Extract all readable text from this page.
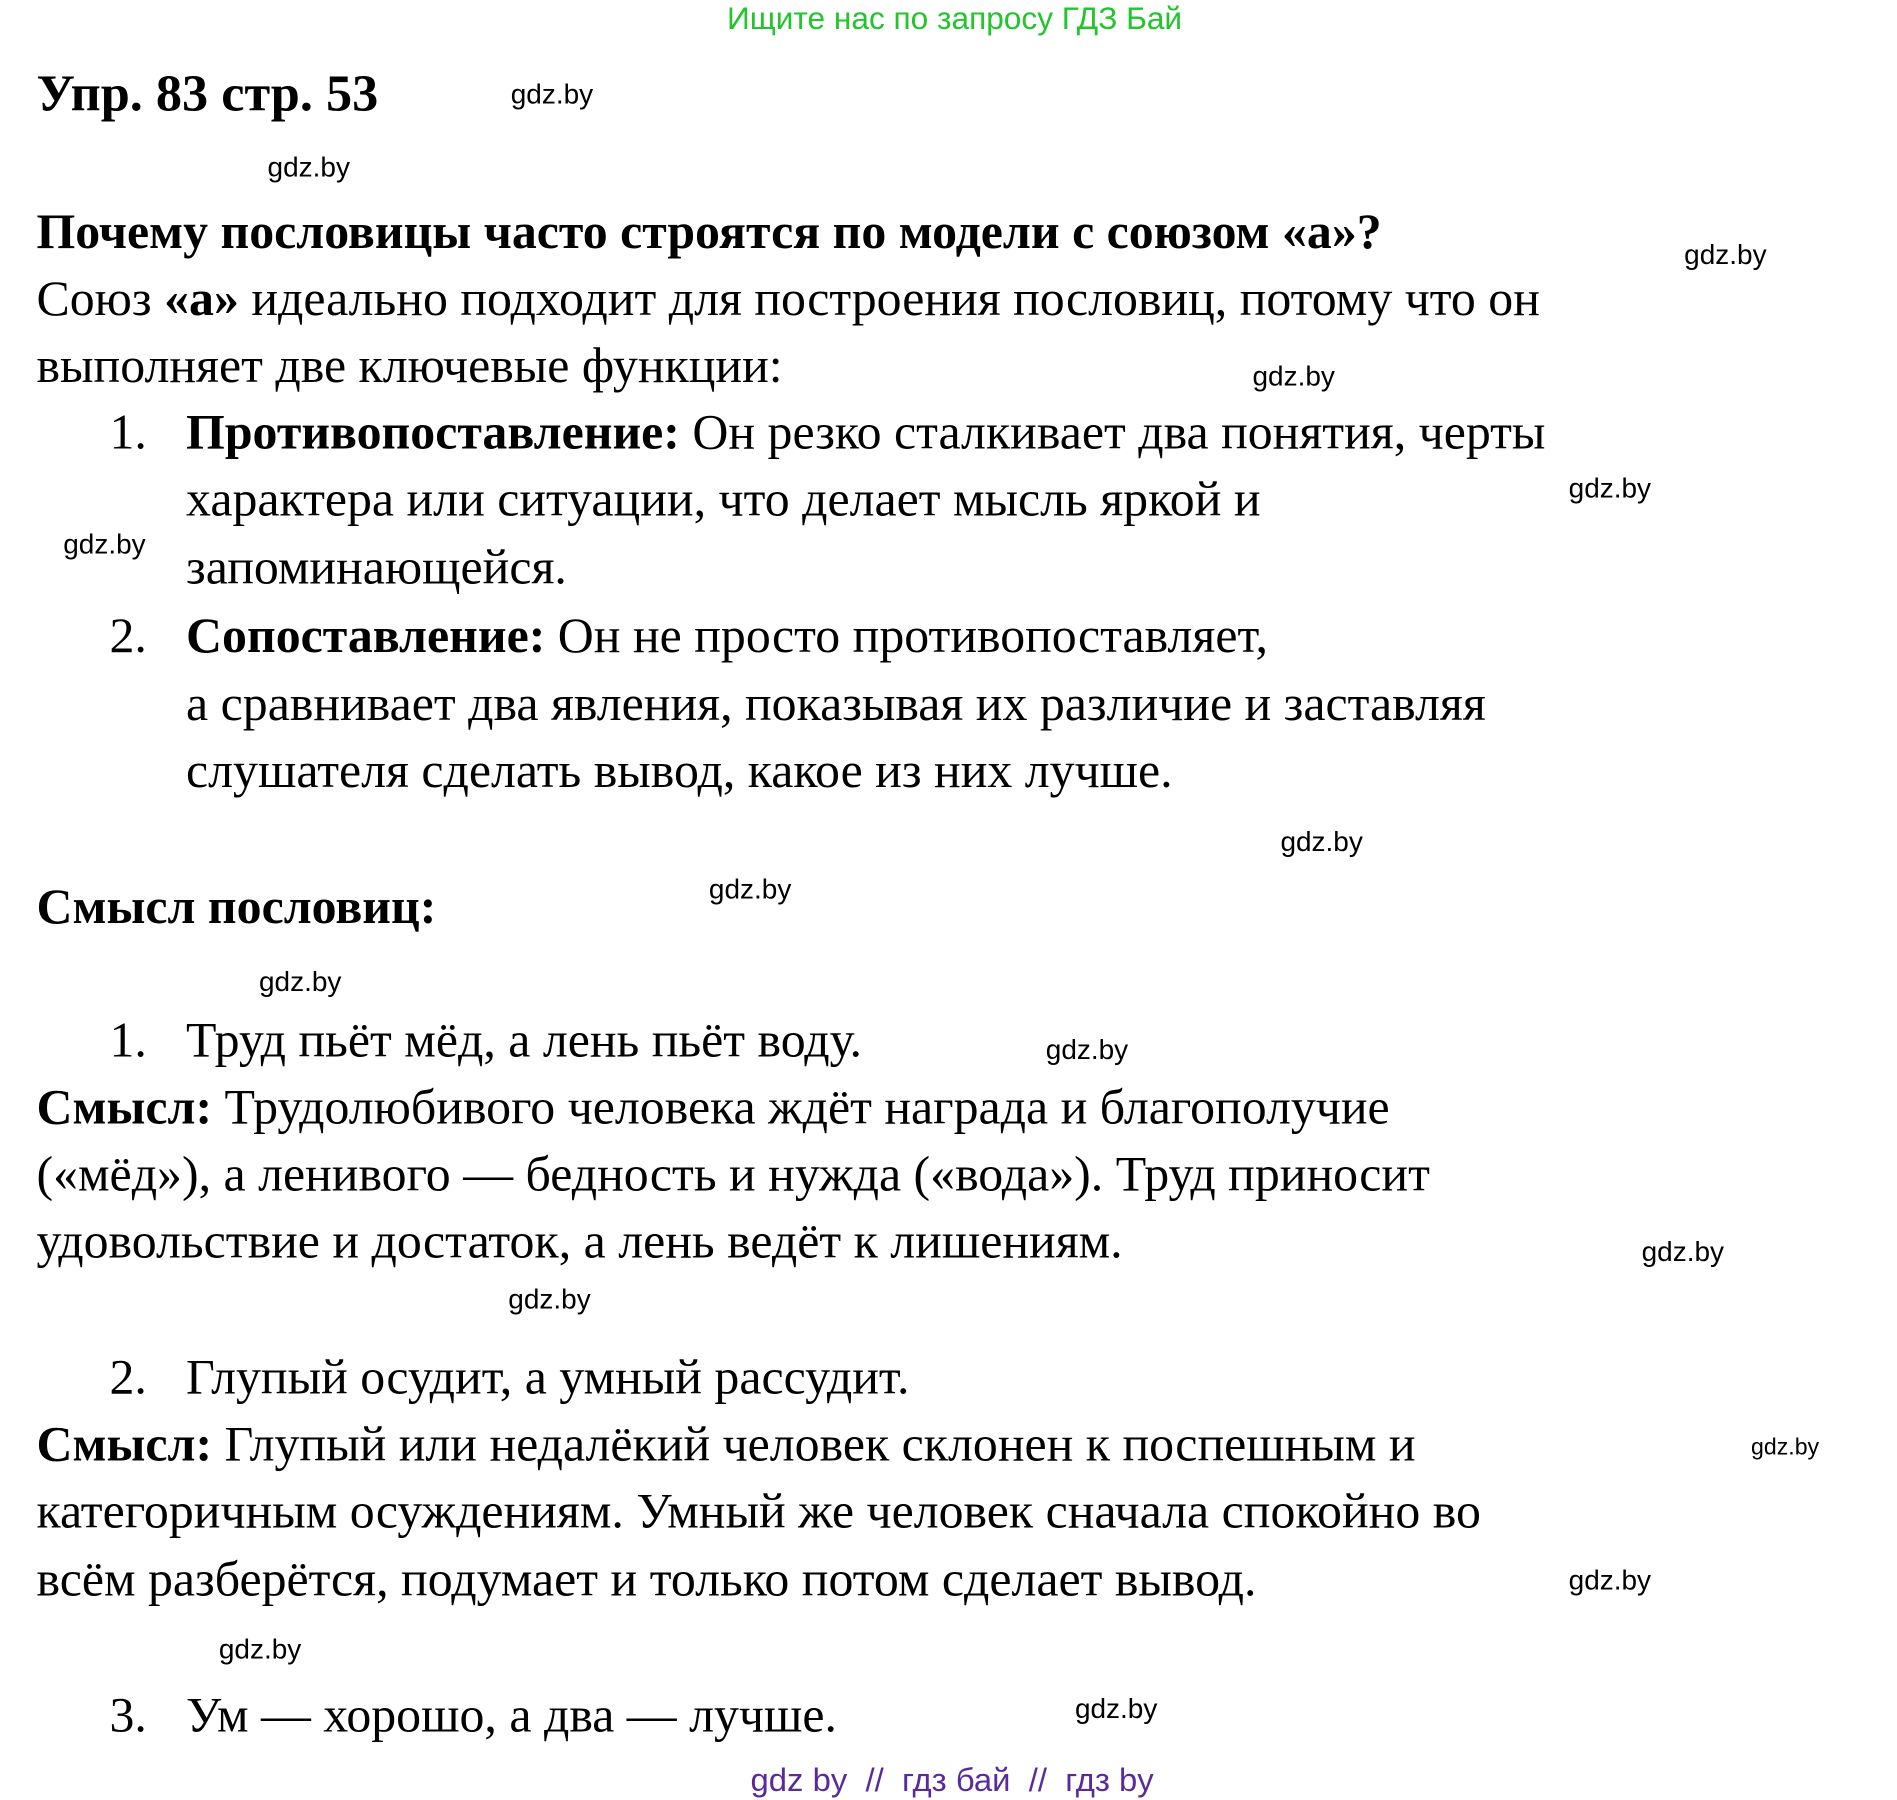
Ищите нас по запросу ГДЗ Бай
Упр. 83 стр. 53
Почему пословицы часто строятся по модели с союзом «а»?
Союз «а» идеально подходит для построения пословиц, потому что он
выполняет две ключевые функции:
1. Противопоставление: Он резко сталкивает два понятия, черты
характера или ситуации, что делает мысль яркой и
запоминающейся.
2. Сопоставление: Он не просто противопоставляет,
а сравнивает два явления, показывая их различие и заставляя
слушателя сделать вывод, какое из них лучше.
Смысл пословиц:
1. Труд пьёт мёд, а лень пьёт воду.
Смысл: Трудолюбивого человека ждёт награда и благополучие
(«мёд»), а ленивого — бедность и нужда («вода»). Труд приносит
удовольствие и достаток, а лень ведёт к лишениям.
2. Глупый осудит, а умный рассудит.
Смысл: Глупый или недалёкий человек склонен к поспешным и
категоричным осуждениям. Умный же человек сначала спокойно во
всём разберётся, подумает и только потом сделает вывод.
3. Ум — хорошо, а два — лучше.
gdz.by
gdz.by
gdz.by
gdz.by
gdz.by
gdz.by
gdz.by
gdz.by
gdz.by
gdz.by
gdz.by
gdz.by
gdz.by
gdz.by
gdz.by
gdz.by
gdz by  //  гдз бай  //  гдз by
